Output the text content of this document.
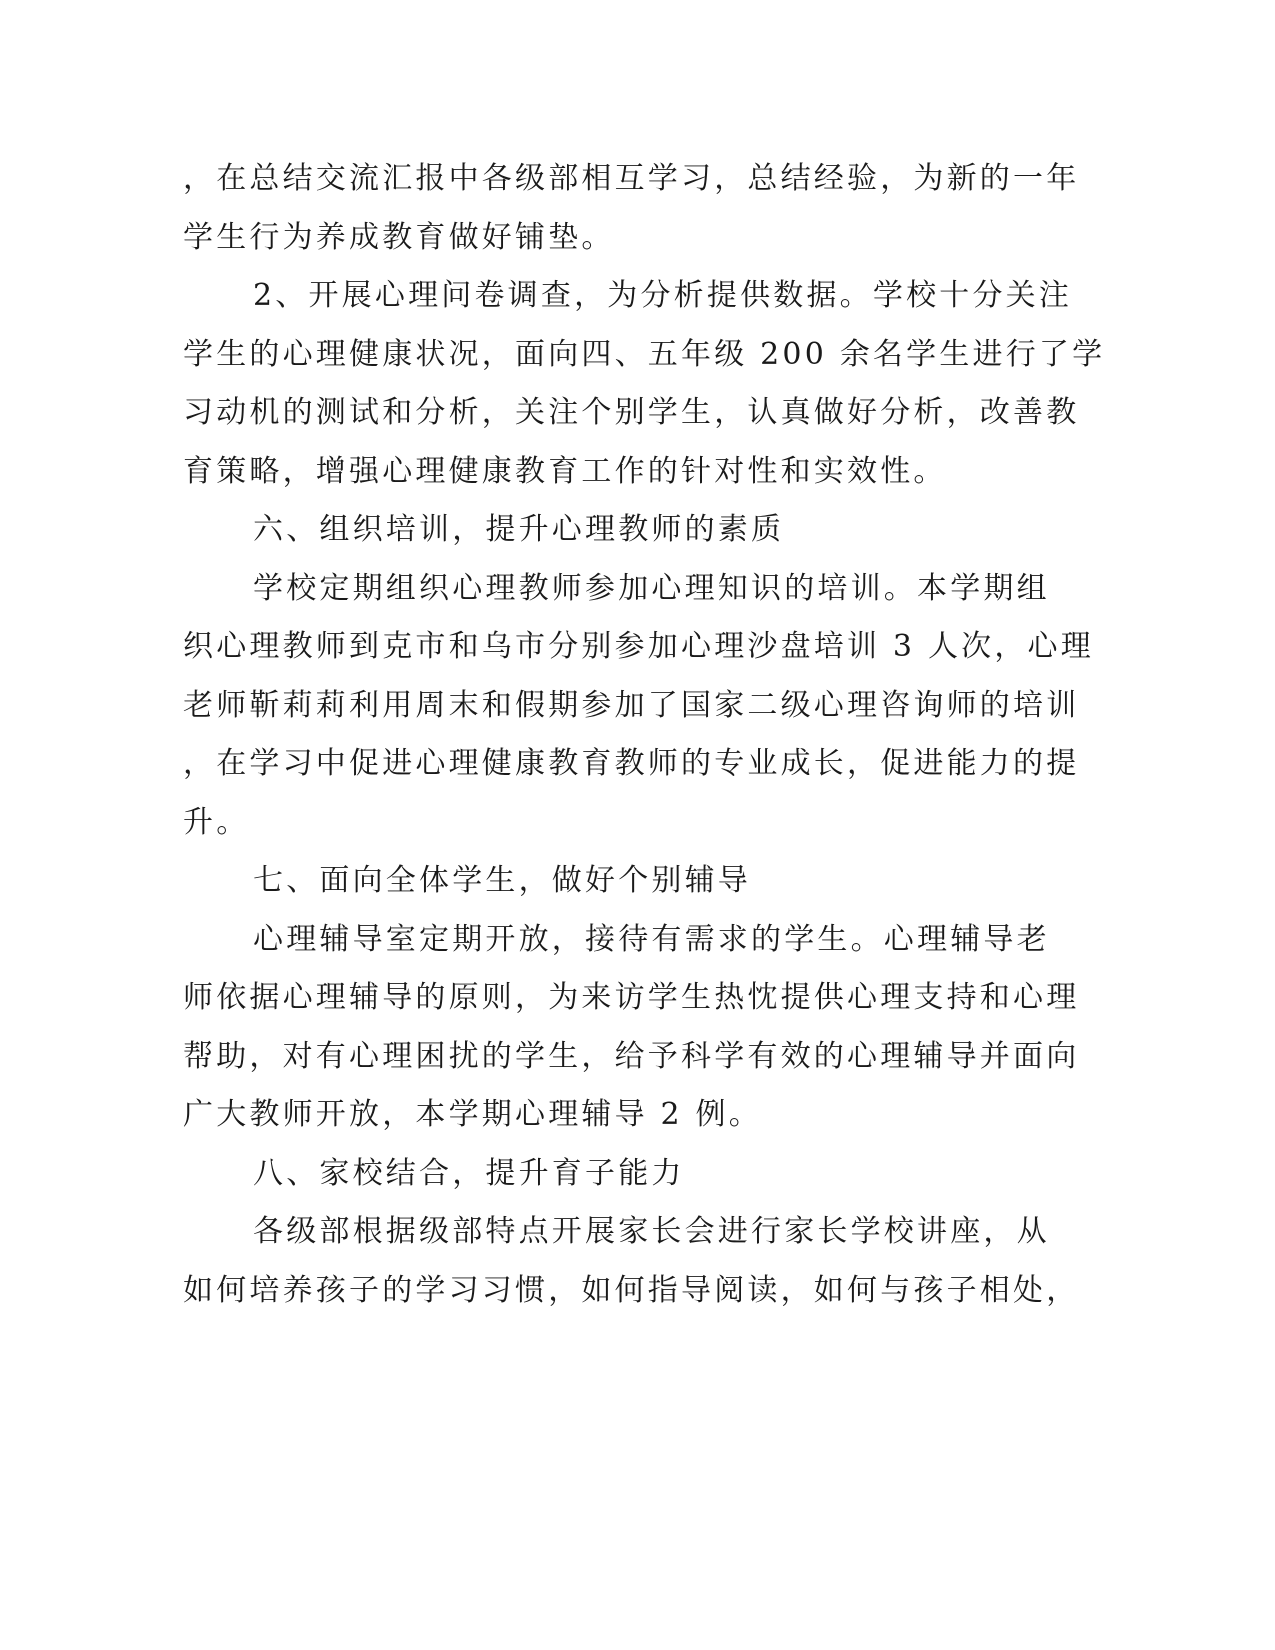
，在总结交流汇报中各级部相互学习，总结经验，为新的一年
学生行为养成教育做好铺垫。
2、开展心理问卷调查，为分析提供数据。学校十分关注
学生的心理健康状况，面向四、五年级 200 余名学生进行了学
习动机的测试和分析，关注个别学生，认真做好分析，改善教
育策略，增强心理健康教育工作的针对性和实效性。
六、组织培训，提升心理教师的素质
学校定期组织心理教师参加心理知识的培训。本学期组
织心理教师到克市和乌市分别参加心理沙盘培训 3 人次，心理
老师靳莉莉利用周末和假期参加了国家二级心理咨询师的培训
，在学习中促进心理健康教育教师的专业成长，促进能力的提
升。
七、面向全体学生，做好个别辅导
心理辅导室定期开放，接待有需求的学生。心理辅导老
师依据心理辅导的原则，为来访学生热忱提供心理支持和心理
帮助，对有心理困扰的学生，给予科学有效的心理辅导并面向
广大教师开放，本学期心理辅导 2 例。
八、家校结合，提升育子能力
各级部根据级部特点开展家长会进行家长学校讲座，从
如何培养孩子的学习习惯，如何指导阅读，如何与孩子相处，
